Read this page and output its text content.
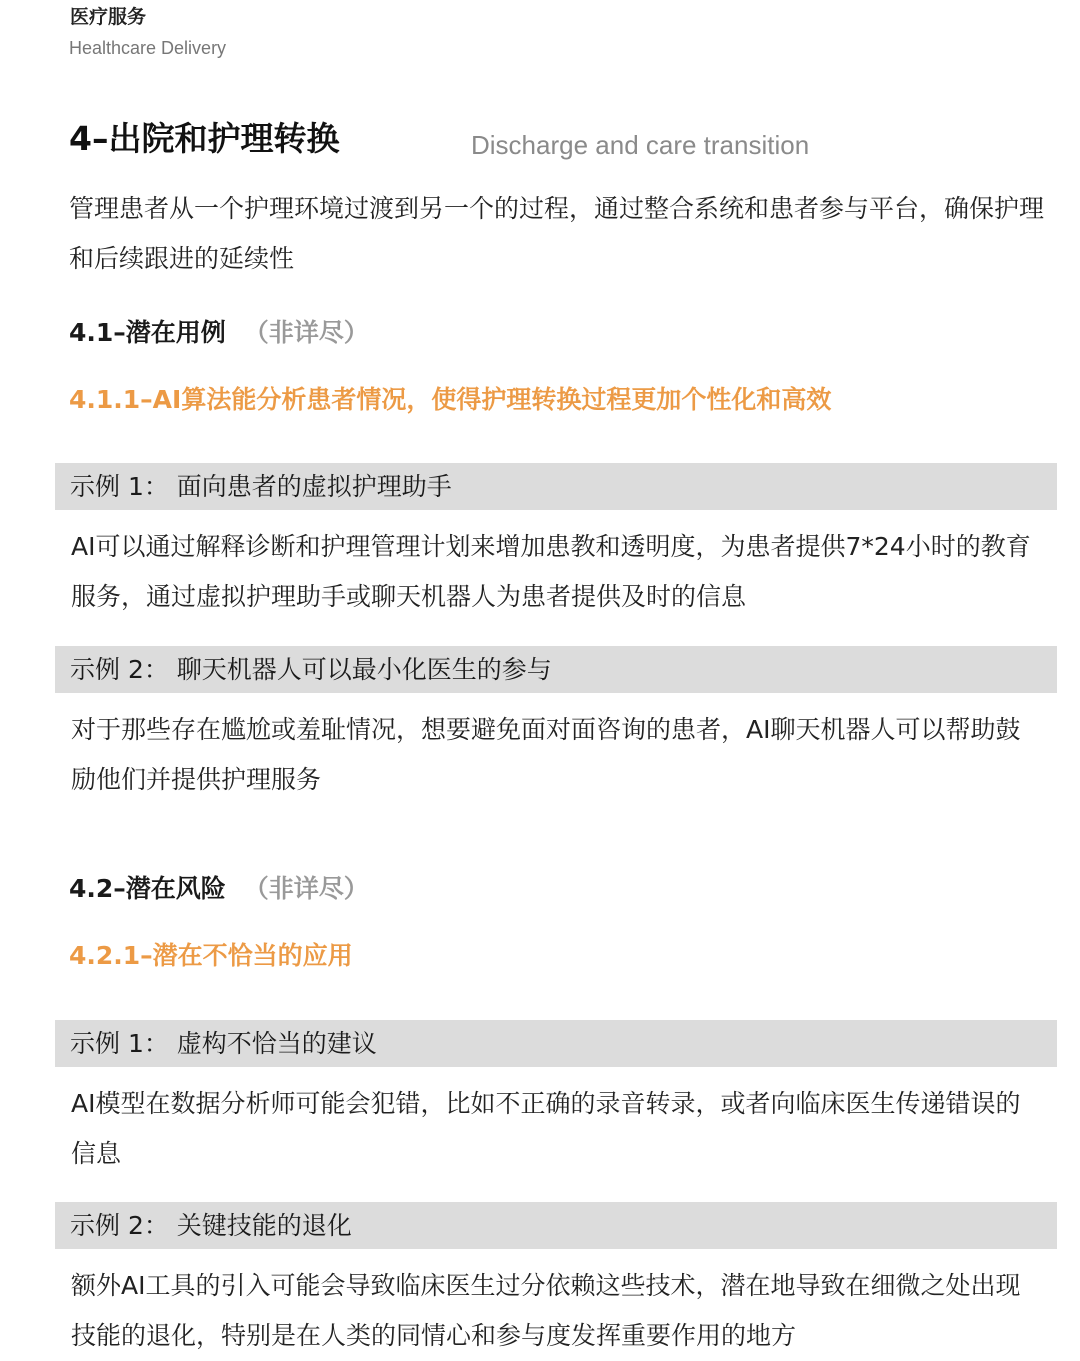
医疗服务
Healthcare Delivery
4–出院和护理转换	Discharge and care transition
管理患者从一个护理环境过渡到另一个的过程，通过整合系统和患者参与平台，确保护理和后续跟进的延续性
4.1–潜在用例 （非详尽）
4.1.1–AI算法能分析患者情况，使得护理转换过程更加个性化和高效
示例 1： 面向患者的虚拟护理助手
AI可以通过解释诊断和护理管理计划来增加患教和透明度，为患者提供7*24小时的教育服务，通过虚拟护理助手或聊天机器人为患者提供及时的信息
示例 2： 聊天机器人可以最小化医生的参与
对于那些存在尴尬或羞耻情况，想要避免面对面咨询的患者，AI聊天机器人可以帮助鼓励他们并提供护理服务
4.2–潜在风险 （非详尽）
4.2.1–潜在不恰当的应用
示例 1： 虚构不恰当的建议
AI模型在数据分析师可能会犯错，比如不正确的录音转录，或者向临床医生传递错误的信息
示例 2： 关键技能的退化
额外AI工具的引入可能会导致临床医生过分依赖这些技术，潜在地导致在细微之处出现技能的退化，特别是在人类的同情心和参与度发挥重要作用的地方
